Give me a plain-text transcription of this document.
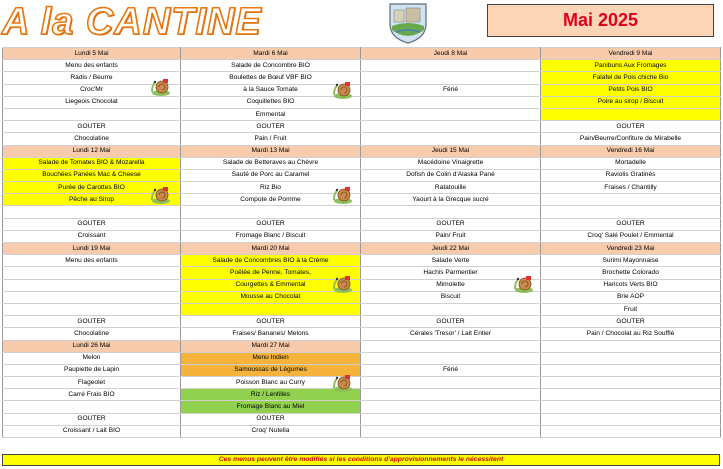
A la CANTINE	Mai 2025
Lundi 5 Mai	Mardi 6 Mai	Jeudi 8 Mai	Vendredi 9 Mai
Menu des enfants	Salade de Concombre BIO		Panibuns Aux Fromages
Radis / Beurre	Boulettes de Bœuf VBF BIO		Falafel de Pois chiche Bio
Croc'Mr	à la Sauce Tomate	Férié	Petits Pois BIO
Liegeois Chocolat	Coquillettes BIO		Poire au sirop / Biscuit
	Emmental		
GOUTER	GOUTER		GOUTER
Chocolatine	Pain / Fruit		Pain/Beurre/Confiture de Mirabelle
Lundi 12 Mai	Mardi 13 Mai	Jeudi 15 Mai	Vendredi 16 Mai
Salade de Tomates BIO & Mozarella	Salade de Betteraves au Chèvre	Macédoine Vinaigrette	Mortadelle
Bouchées Panées Mac & Cheese	Sauté de Porc au Caramel	Dofish de Colin d'Alaska Pané	Raviolis Gratinés
Purée de Carottes BIO	Riz Bio	Ratatouille	Fraises / Chantilly
Pêche au Sirop	Compote de Pomme	Yaourt à la Grecque sucré	

GOUTER	GOUTER	GOUTER	GOUTER
Croissant	Fromage Blanc / Biscuit	Pain/ Fruit	Croq' Salé Poulet / Emmental
Lundi 19 Mai	Mardi 20 Mai	Jeudi 22 Mai	Vendredi 23 Mai
Menu des enfants	Salade de Concombres BIO à la Crème	Salade Verte	Surimi Mayonnaise
	Poêlée de Penne, Tomates,	Hachis Parmentier	Brochette Colorado
	Courgettes & Emmental	Mimolette	Haricots Verts BIO
	Mousse au Chocolat	Biscuit	Brie AOP
			Fruit
GOUTER	GOUTER	GOUTER	GOUTER
Chocolatine	Fraises/ Bananes/ Melons	Cérales 'Tresor' / Lait Entier	Pain / Chocolat au Riz Soufflé
Lundi 26 Mai	Mardi 27 Mai		
Melon	Menu Indien		
Paupiette de Lapin	Samoussas de Légumes	Férié	
Flageolet	Poisson Blanc au Curry		
Carré Frais BIO	Riz / Lentilles		
	Fromage Blanc au Miel		
GOUTER	GOUTER		
Croissant / Lait BIO	Croq' Nutella		
Ces menus peuvent être modifiés si les conditions d'approvisionnements le nécessitent
